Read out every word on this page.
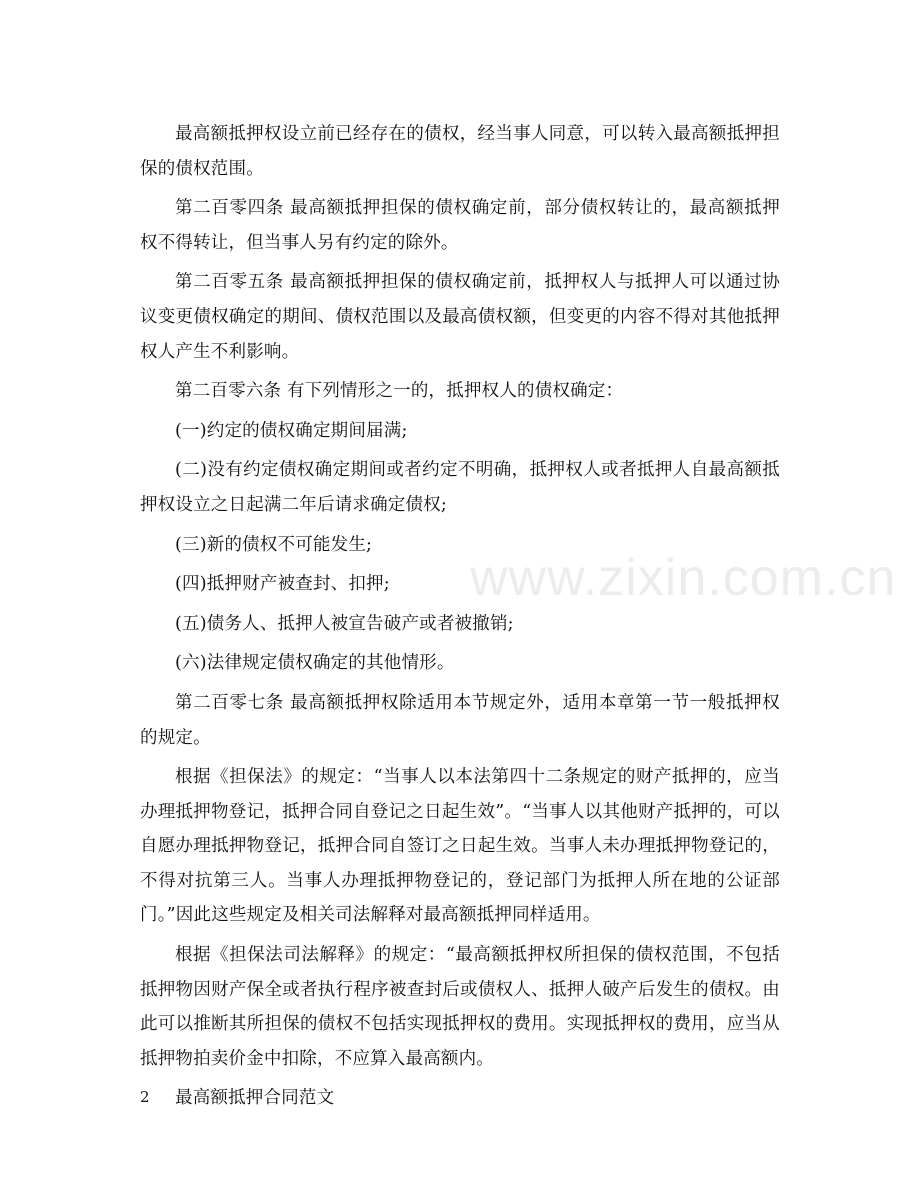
最高额抵押权设立前已经存在的债权，经当事人同意，可以转入最高额抵押担保的债权范围。

第二百零四条 最高额抵押担保的债权确定前，部分债权转让的，最高额抵押权不得转让，但当事人另有约定的除外。

第二百零五条 最高额抵押担保的债权确定前，抵押权人与抵押人可以通过协议变更债权确定的期间、债权范围以及最高债权额，但变更的内容不得对其他抵押权人产生不利影响。

第二百零六条 有下列情形之一的，抵押权人的债权确定：

(一)约定的债权确定期间届满;

(二)没有约定债权确定期间或者约定不明确，抵押权人或者抵押人自最高额抵押权设立之日起满二年后请求确定债权;

(三)新的债权不可能发生;

(四)抵押财产被查封、扣押;

(五)债务人、抵押人被宣告破产或者被撤销;

(六)法律规定债权确定的其他情形。

第二百零七条 最高额抵押权除适用本节规定外，适用本章第一节一般抵押权的规定。

根据《担保法》的规定：“当事人以本法第四十二条规定的财产抵押的，应当办理抵押物登记，抵押合同自登记之日起生效”。“当事人以其他财产抵押的，可以自愿办理抵押物登记，抵押合同自签订之日起生效。当事人未办理抵押物登记的，不得对抗第三人。当事人办理抵押物登记的，登记部门为抵押人所在地的公证部门。”因此这些规定及相关司法解释对最高额抵押同样适用。

根据《担保法司法解释》的规定：“最高额抵押权所担保的债权范围，不包括抵押物因财产保全或者执行程序被查封后或债权人、抵押人破产后发生的债权。由此可以推断其所担保的债权不包括实现抵押权的费用。实现抵押权的费用，应当从抵押物拍卖价金中扣除，不应算入最高额内。

最高额抵押合同范文

www.zixin.com.cn
2
